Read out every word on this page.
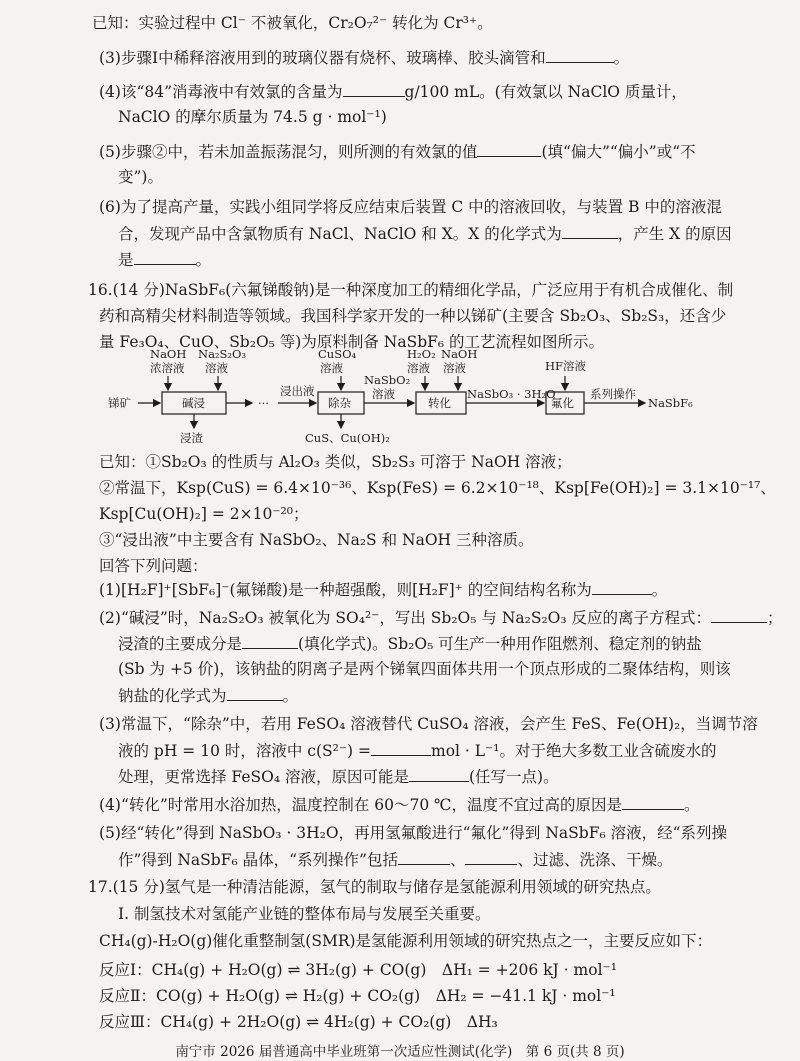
已知：实验过程中 Cl⁻ 不被氧化，Cr₂O₇²⁻ 转化为 Cr³⁺。
(3)步骤Ⅰ中稀释溶液用到的玻璃仪器有烧杯、玻璃棒、胶头滴管和	。
(4)该“84”消毒液中有效氯的含量为	g/100 mL。(有效氯以 NaClO 质量计，
NaClO 的摩尔质量为 74.5 g · mol⁻¹)
(5)步骤②中，若未加盖振荡混匀，则所测的有效氯的值	(填“偏大”“偏小”或“不
变”)。
(6)为了提高产量，实践小组同学将反应结束后装置 C 中的溶液回收，与装置 B 中的溶液混
合，发现产品中含氯物质有 NaCl、NaClO 和 X。X 的化学式为	，产生 X 的原因
是	。
16.(14 分)NaSbF₆(六氟锑酸钠)是一种深度加工的精细化学品，广泛应用于有机合成催化、制
药和高精尖材料制造等领域。我国科学家开发的一种以锑矿(主要含 Sb₂O₃、Sb₂S₃，还含少
量 Fe₃O₄、CuO、Sb₂O₅ 等)为原料制备 NaSbF₆ 的工艺流程如图所示。
锑矿	碱浸
NaOH
浓溶液
Na₂S₂O₃
溶液
浸渣
···
浸出液
除杂
CuSO₄
溶液
CuS、Cu(OH)₂
NaSbO₂
溶液
转化
H₂O₂
溶液
NaOH
溶液
NaSbO₃ · 3H₂O
氟化
HF溶液
系列操作
NaSbF₆
已知：①Sb₂O₃ 的性质与 Al₂O₃ 类似，Sb₂S₃ 可溶于 NaOH 溶液；
②常温下，Ksp(CuS) = 6.4×10⁻³⁶、Ksp(FeS) = 6.2×10⁻¹⁸、Ksp[Fe(OH)₂] = 3.1×10⁻¹⁷、
Ksp[Cu(OH)₂] = 2×10⁻²⁰；
③“浸出液”中主要含有 NaSbO₂、Na₂S 和 NaOH 三种溶质。
回答下列问题：
(1)[H₂F]⁺[SbF₆]⁻(氟锑酸)是一种超强酸，则[H₂F]⁺ 的空间结构名称为	。
(2)“碱浸”时，Na₂S₂O₃ 被氧化为 SO₄²⁻，写出 Sb₂O₅ 与 Na₂S₂O₃ 反应的离子方程式：	；
浸渣的主要成分是	(填化学式)。Sb₂O₅ 可生产一种用作阻燃剂、稳定剂的钠盐
(Sb 为 +5 价)，该钠盐的阴离子是两个锑氧四面体共用一个顶点形成的二聚体结构，则该
钠盐的化学式为	。
(3)常温下，“除杂”中，若用 FeSO₄ 溶液替代 CuSO₄ 溶液，会产生 FeS、Fe(OH)₂，当调节溶
液的 pH = 10 时，溶液中 c(S²⁻) =	mol · L⁻¹。对于绝大多数工业含硫废水的
处理，更常选择 FeSO₄ 溶液，原因可能是	(任写一点)。
(4)“转化”时常用水浴加热，温度控制在 60～70 ℃，温度不宜过高的原因是	。
(5)经“转化”得到 NaSbO₃ · 3H₂O，再用氢氟酸进行“氟化”得到 NaSbF₆ 溶液，经“系列操
作”得到 NaSbF₆ 晶体，“系列操作”包括	、	、过滤、洗涤、干燥。
17.(15 分)氢气是一种清洁能源，氢气的制取与储存是氢能源利用领域的研究热点。
Ⅰ. 制氢技术对氢能产业链的整体布局与发展至关重要。
CH₄(g)-H₂O(g)催化重整制氢(SMR)是氢能源利用领域的研究热点之一，主要反应如下：
反应Ⅰ：CH₄(g) + H₂O(g) ⇌ 3H₂(g) + CO(g)　ΔH₁ = +206 kJ · mol⁻¹
反应Ⅱ：CO(g) + H₂O(g) ⇌ H₂(g) + CO₂(g)　ΔH₂ = −41.1 kJ · mol⁻¹
反应Ⅲ：CH₄(g) + 2H₂O(g) ⇌ 4H₂(g) + CO₂(g)　ΔH₃
南宁市 2026 届普通高中毕业班第一次适应性测试(化学)　第 6 页(共 8 页)
